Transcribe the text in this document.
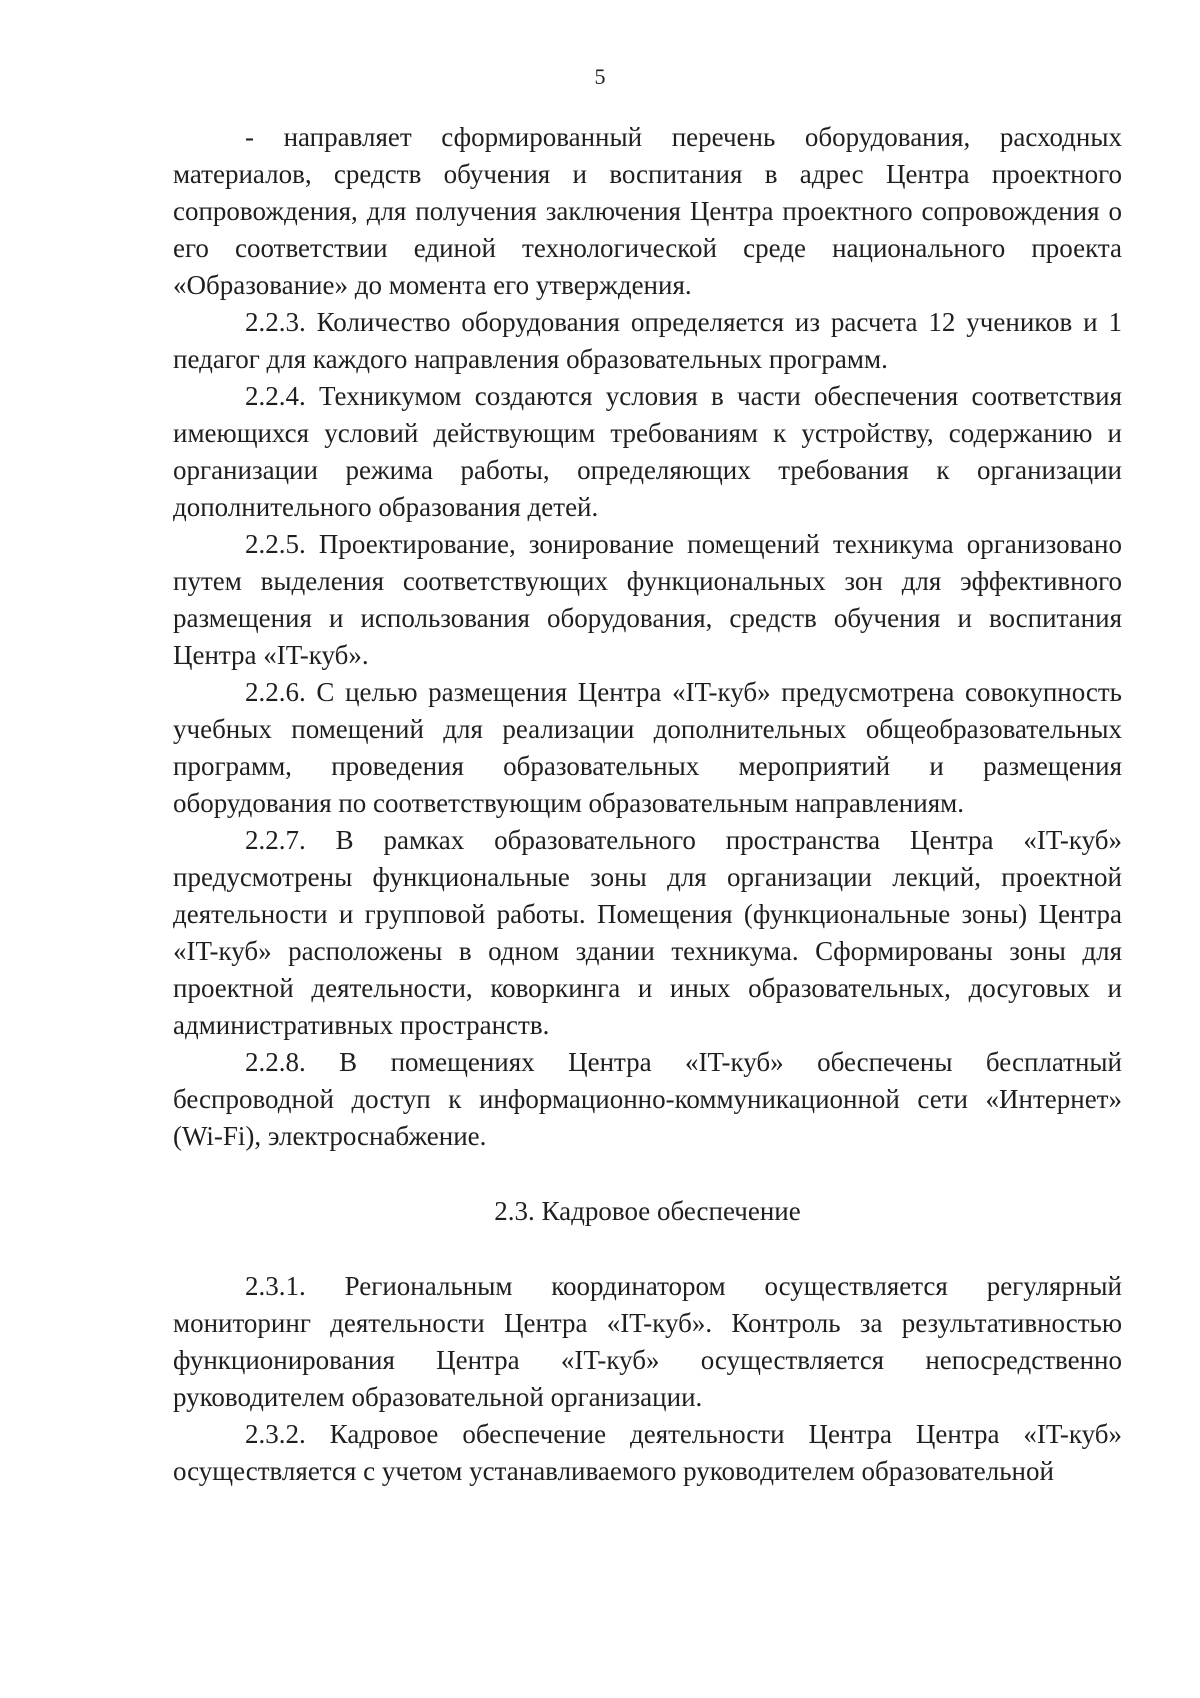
5

- направляет сформированный перечень оборудования, расходных материалов, средств обучения и воспитания в адрес Центра проектного сопровождения, для получения заключения Центра проектного сопровождения о его соответствии единой технологической среде национального проекта «Образование» до момента его утверждения.

2.2.3. Количество оборудования определяется из расчета 12 учеников и 1 педагог для каждого направления образовательных программ.

2.2.4. Техникумом создаются условия в части обеспечения соответствия имеющихся условий действующим требованиям к устройству, содержанию и организации режима работы, определяющих требования к организации дополнительного образования детей.

2.2.5. Проектирование, зонирование помещений техникума организовано путем выделения соответствующих функциональных зон для эффективного размещения и использования оборудования, средств обучения и воспитания Центра «IT-куб».

2.2.6. С целью размещения Центра «IT-куб» предусмотрена совокупность учебных помещений для реализации дополнительных общеобразовательных программ, проведения образовательных мероприятий и размещения оборудования по соответствующим образовательным направлениям.

2.2.7. В рамках образовательного пространства Центра «IT-куб» предусмотрены функциональные зоны для организации лекций, проектной деятельности и групповой работы. Помещения (функциональные зоны) Центра «IT-куб» расположены в одном здании техникума. Сформированы зоны для проектной деятельности, коворкинга и иных образовательных, досуговых и административных пространств.

2.2.8. В помещениях Центра «IT-куб» обеспечены бесплатный беспроводной доступ к информационно-коммуникационной сети «Интернет» (Wi-Fi), электроснабжение.

2.3. Кадровое обеспечение

2.3.1. Региональным координатором осуществляется регулярный мониторинг деятельности Центра «IT-куб». Контроль за результативностью функционирования Центра «IT-куб» осуществляется непосредственно руководителем образовательной организации.

2.3.2. Кадровое обеспечение деятельности Центра Центра «IT-куб» осуществляется с учетом устанавливаемого руководителем образовательной
